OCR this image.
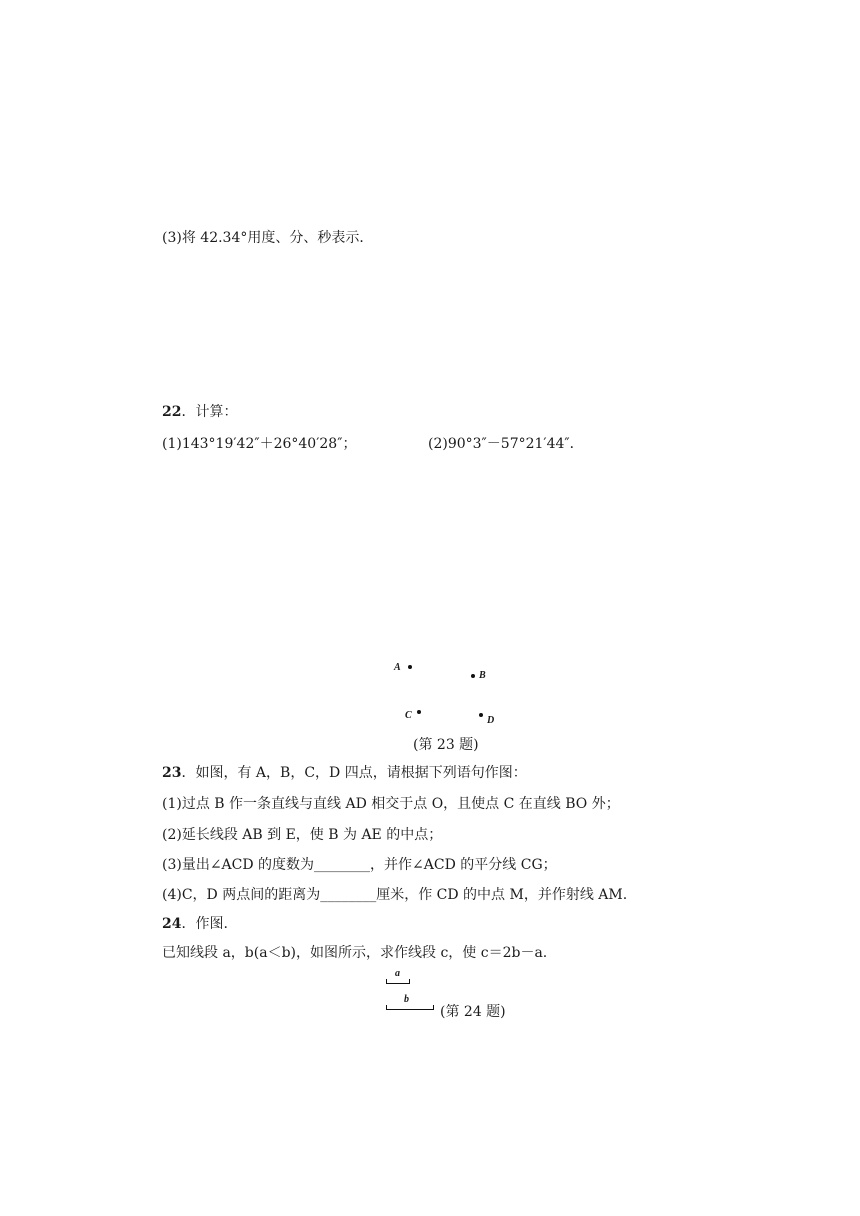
(3)将 42.34°用度、分、秒表示．
22．计算：
(1)143°19′42″＋26°40′28″；	(2)90°3″－57°21′44″．
A
B
C	D
(第 23 题)
23．如图，有 A，B，C，D 四点，请根据下列语句作图：
(1)过点 B 作一条直线与直线 AD 相交于点 O，且使点 C 在直线 BO 外；
(2)延长线段 AB 到 E，使 B 为 AE 的中点；
(3)量出∠ACD 的度数为________，并作∠ACD 的平分线 CG；
(4)C，D 两点间的距离为________厘米，作 CD 的中点 M，并作射线 AM.
24．作图.
已知线段 a，b(a＜b)，如图所示，求作线段 c，使 c＝2b－a.
a
b
(第 24 题)
